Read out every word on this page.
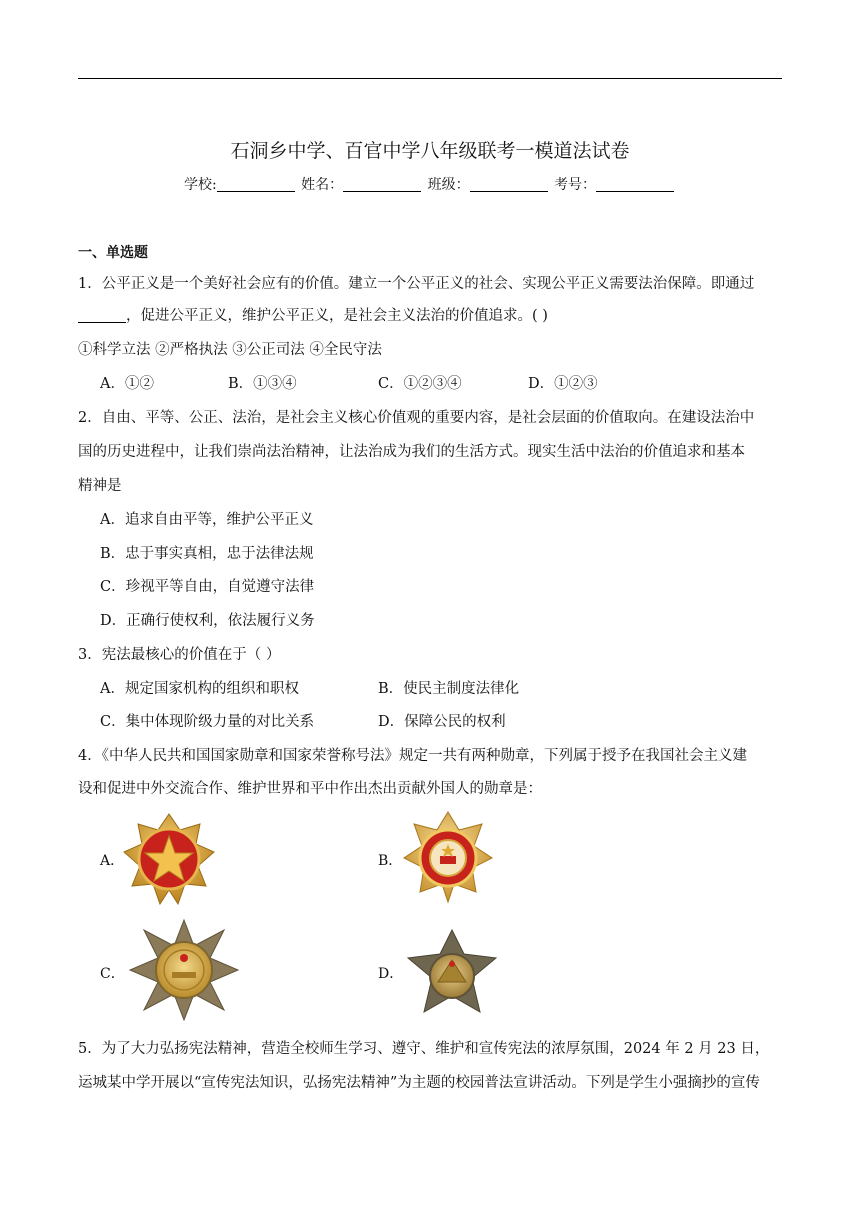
石洞乡中学、百官中学八年级联考一模道法试卷
学校:	姓名：	班级：	考号：
一、单选题
1．公平正义是一个美好社会应有的价值。建立一个公平正义的社会、实现公平正义需要法治保障。即通过
，促进公平正义，维护公平正义，是社会主义法治的价值追求。( )
①科学立法 ②严格执法 ③公正司法 ④全民守法
A．①②	B．①③④	C．①②③④	D．①②③
2．自由、平等、公正、法治，是社会主义核心价值观的重要内容，是社会层面的价值取向。在建设法治中
国的历史进程中，让我们崇尚法治精神，让法治成为我们的生活方式。现实生活中法治的价值追求和基本
精神是
A．追求自由平等，维护公平正义
B．忠于事实真相，忠于法律法规
C．珍视平等自由，自觉遵守法律
D．正确行使权利，依法履行义务
3．宪法最核心的价值在于（ ）
A．规定国家机构的组织和职权	B．使民主制度法律化
C．集中体现阶级力量的对比关系	D．保障公民的权利
4．《中华人民共和国国家勋章和国家荣誉称号法》规定一共有两种勋章，下列属于授予在我国社会主义建
设和促进中外交流合作、维护世界和平中作出杰出贡献外国人的勋章是：
A．	B．
C．	D．
5．为了大力弘扬宪法精神，营造全校师生学习、遵守、维护和宣传宪法的浓厚氛围，2024 年 2 月 23 日，
运城某中学开展以“宣传宪法知识，弘扬宪法精神”为主题的校园普法宣讲活动。下列是学生小强摘抄的宣传
